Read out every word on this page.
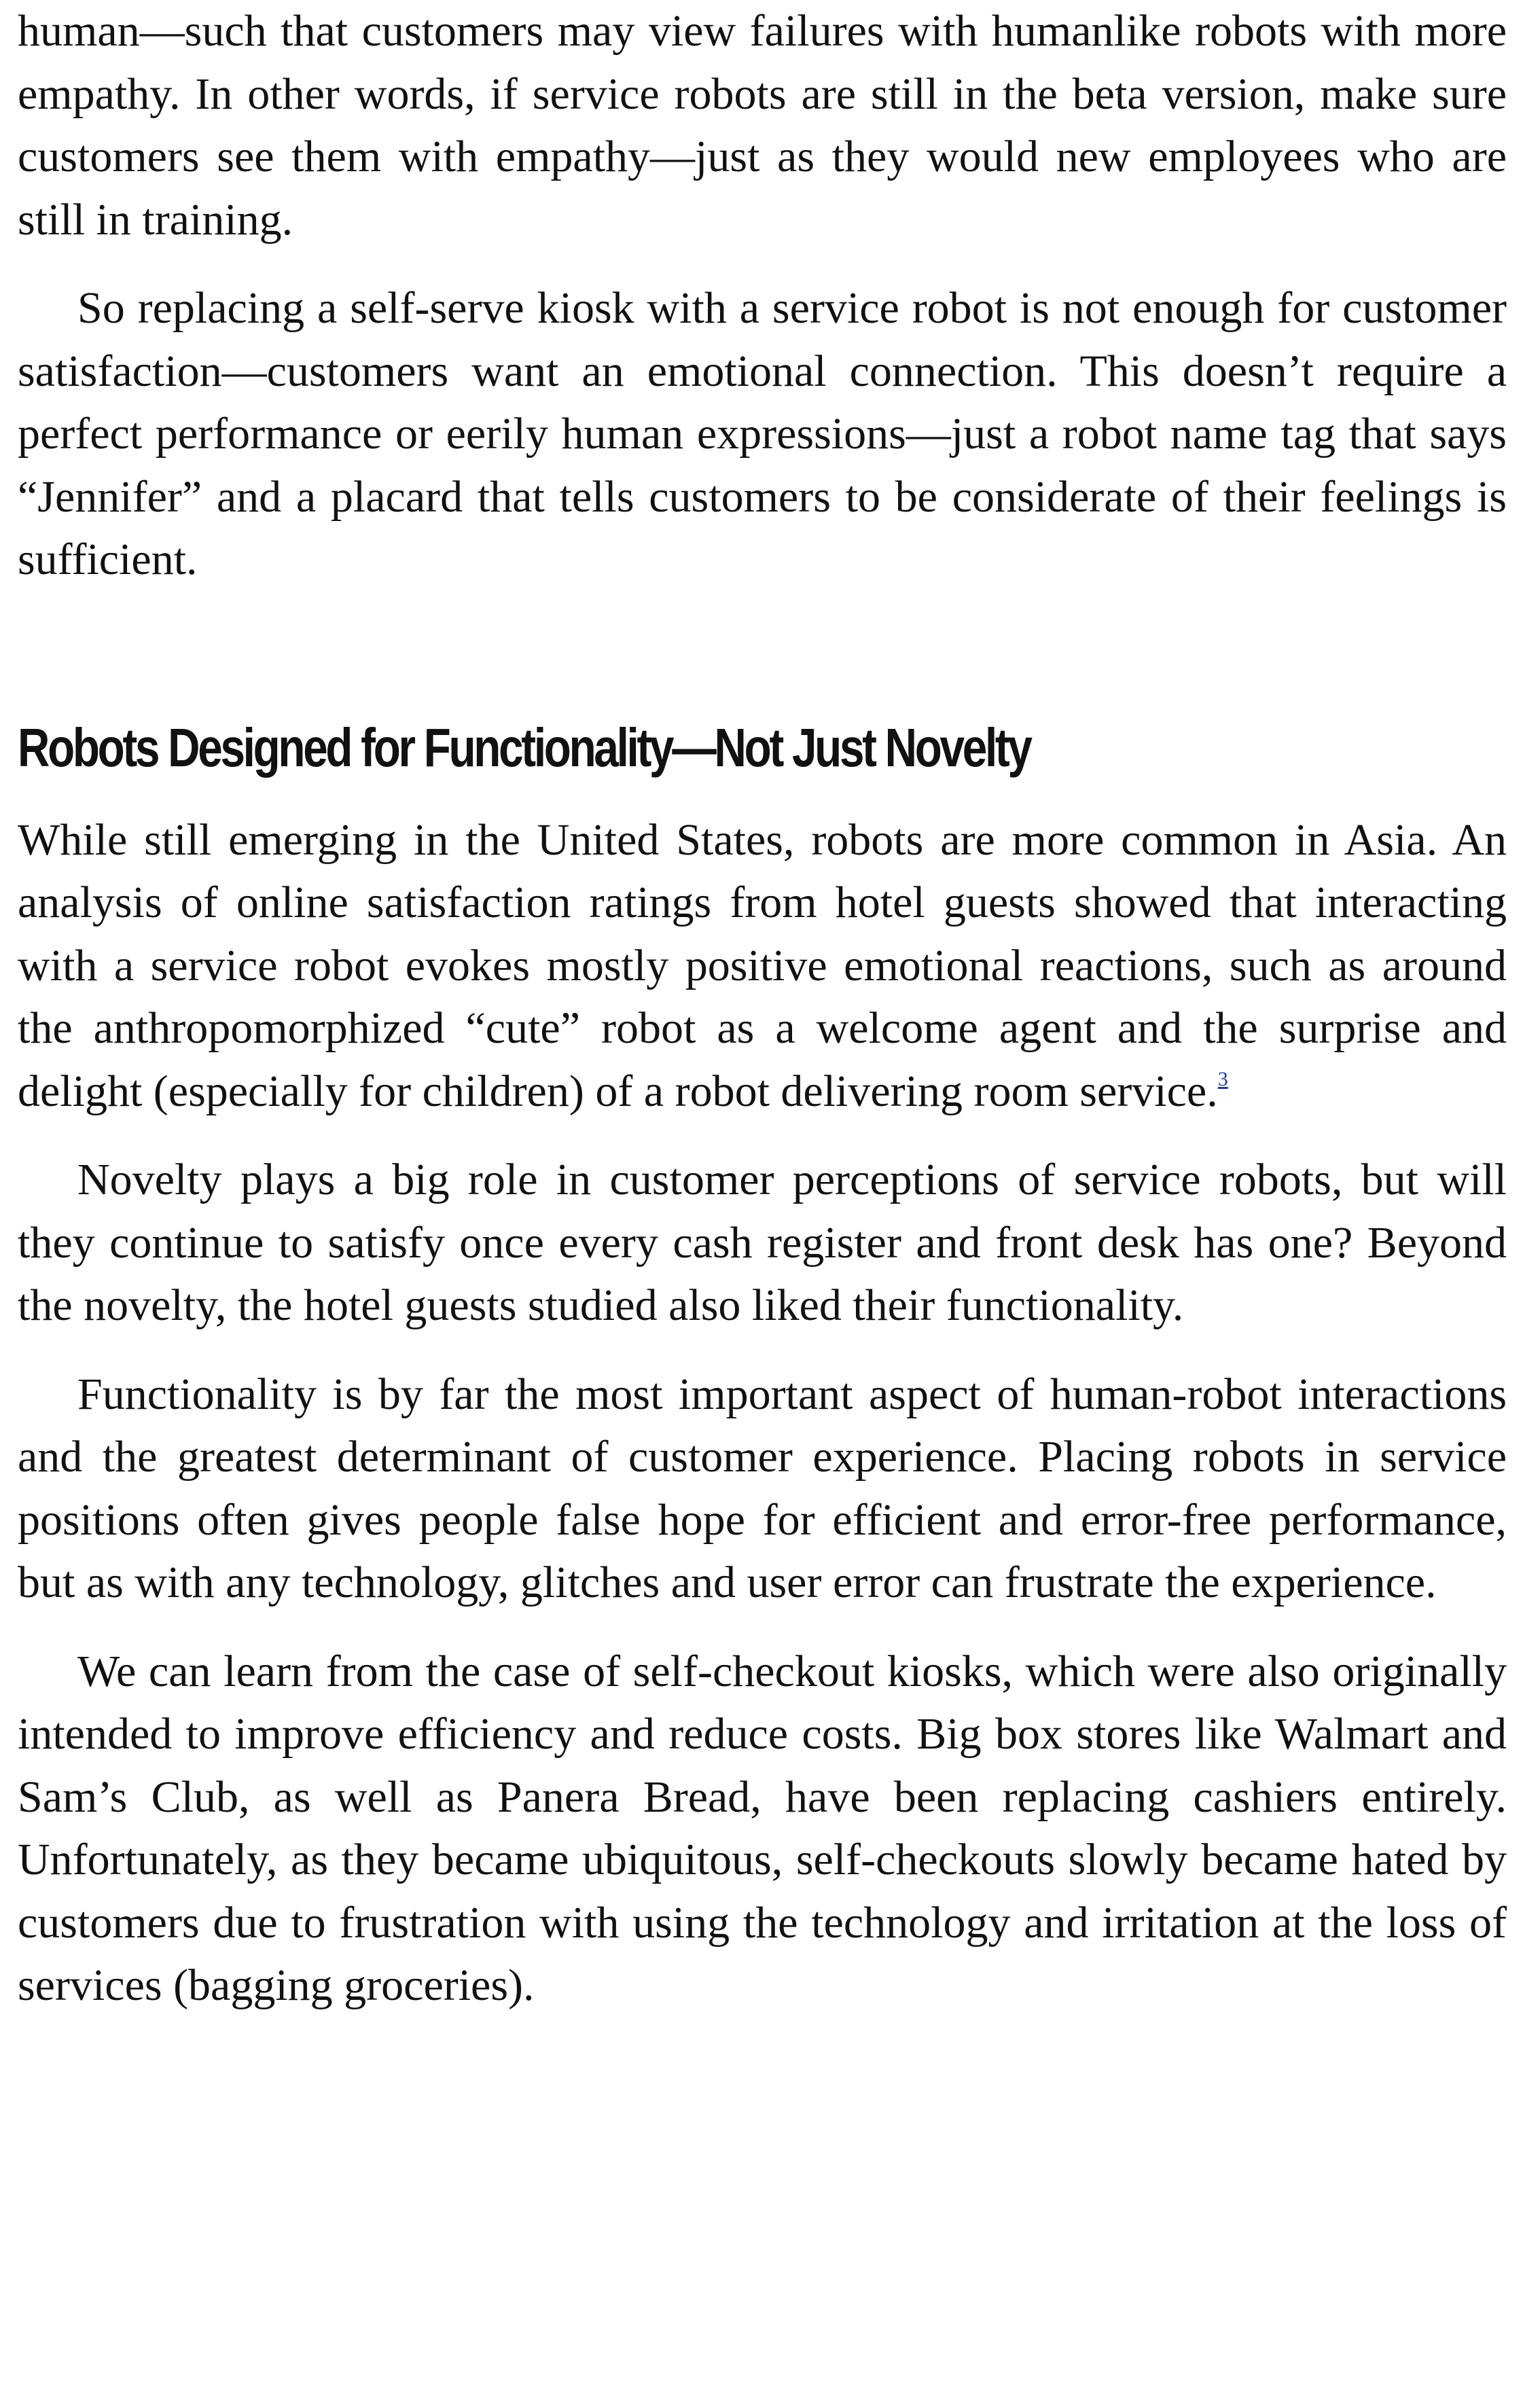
human—such that customers may view failures with humanlike robots with more empathy. In other words, if service robots are still in the beta version, make sure customers see them with empathy—just as they would new employees who are still in training.

So replacing a self-serve kiosk with a service robot is not enough for customer satisfaction—customers want an emotional connection. This doesn’t require a perfect performance or eerily human expressions—just a robot name tag that says “Jennifer” and a placard that tells customers to be considerate of their feelings is sufficient.

Robots Designed for Functionality—Not Just Novelty

While still emerging in the United States, robots are more common in Asia. An analysis of online satisfaction ratings from hotel guests showed that interacting with a service robot evokes mostly positive emotional reactions, such as around the anthropomorphized “cute” robot as a welcome agent and the surprise and delight (especially for children) of a robot delivering room service.$^3$

Novelty plays a big role in customer perceptions of service robots, but will they continue to satisfy once every cash register and front desk has one? Beyond the novelty, the hotel guests studied also liked their functionality.

Functionality is by far the most important aspect of human-robot interactions and the greatest determinant of customer experience. Placing robots in service positions often gives people false hope for efficient and error-free performance, but as with any technology, glitches and user error can frustrate the experience.

We can learn from the case of self-checkout kiosks, which were also originally intended to improve efficiency and reduce costs. Big box stores like Walmart and Sam’s Club, as well as Panera Bread, have been replacing cashiers entirely. Unfortunately, as they became ubiquitous, self-checkouts slowly became hated by customers due to frustration with using the technology and irritation at the loss of services (bagging groceries).
